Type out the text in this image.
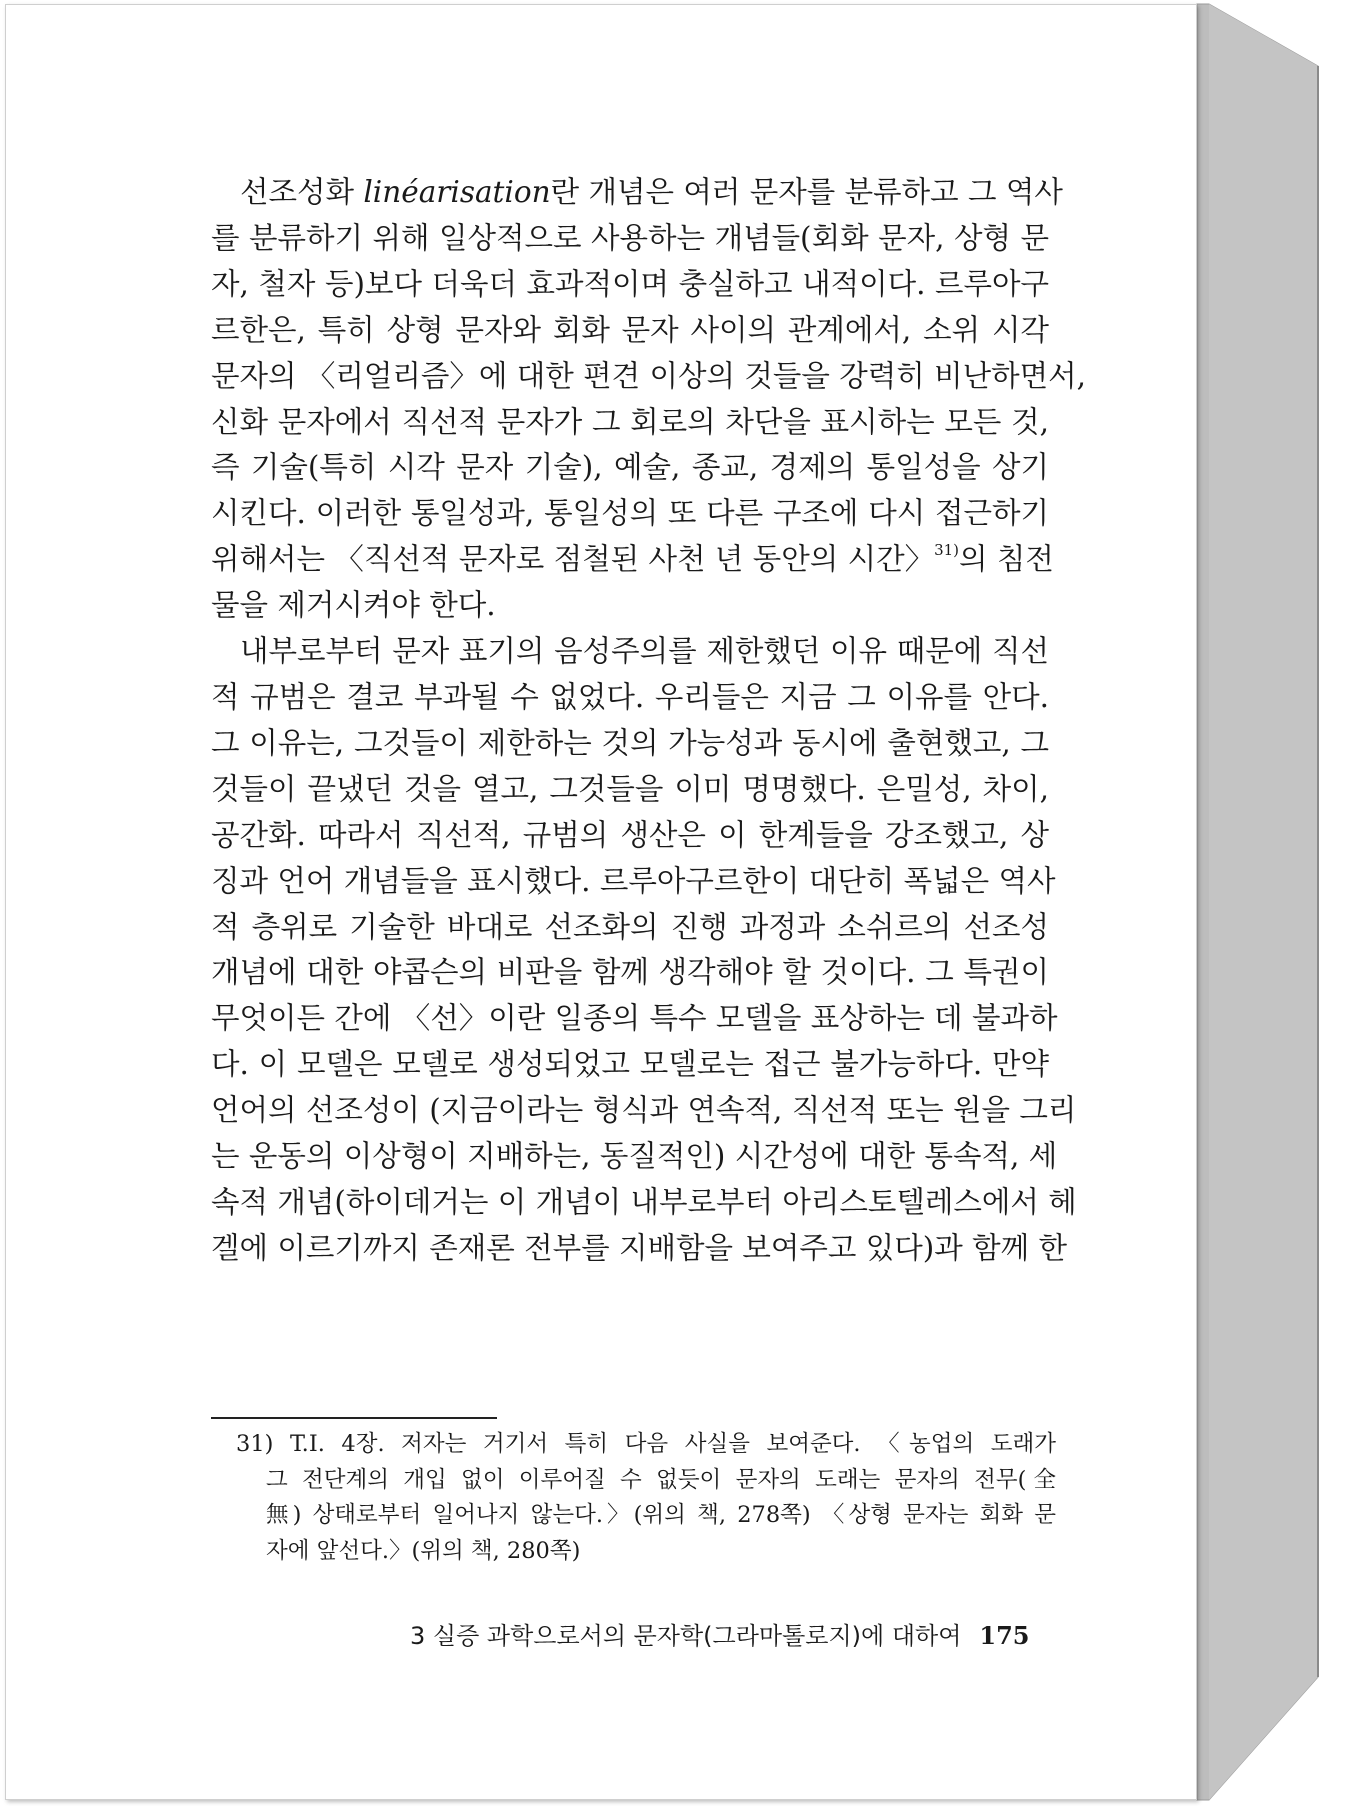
선조성화 linéarisation란 개념은 여러 문자를 분류하고 그 역사
를 분류하기 위해 일상적으로 사용하는 개념들(회화 문자, 상형 문
자, 철자 등)보다 더욱더 효과적이며 충실하고 내적이다. 르루아구
르한은, 특히 상형 문자와 회화 문자 사이의 관계에서, 소위 시각
문자의 〈리얼리즘〉에 대한 편견 이상의 것들을 강력히 비난하면서,
신화 문자에서 직선적 문자가 그 회로의 차단을 표시하는 모든 것,
즉 기술(특히 시각 문자 기술), 예술, 종교, 경제의 통일성을 상기
시킨다. 이러한 통일성과, 통일성의 또 다른 구조에 다시 접근하기
위해서는 〈직선적 문자로 점철된 사천 년 동안의 시간〉$^{31)}$의 침전
물을 제거시켜야 한다.
내부로부터 문자 표기의 음성주의를 제한했던 이유 때문에 직선
적 규범은 결코 부과될 수 없었다. 우리들은 지금 그 이유를 안다.
그 이유는, 그것들이 제한하는 것의 가능성과 동시에 출현했고, 그
것들이 끝냈던 것을 열고, 그것들을 이미 명명했다. 은밀성, 차이,
공간화. 따라서 직선적, 규범의 생산은 이 한계들을 강조했고, 상
징과 언어 개념들을 표시했다. 르루아구르한이 대단히 폭넓은 역사
적 층위로 기술한 바대로 선조화의 진행 과정과 소쉬르의 선조성
개념에 대한 야콥슨의 비판을 함께 생각해야 할 것이다. 그 특권이
무엇이든 간에 〈선〉이란 일종의 특수 모델을 표상하는 데 불과하
다. 이 모델은 모델로 생성되었고 모델로는 접근 불가능하다. 만약
언어의 선조성이 (지금이라는 형식과 연속적, 직선적 또는 원을 그리
는 운동의 이상형이 지배하는, 동질적인) 시간성에 대한 통속적, 세
속적 개념(하이데거는 이 개념이 내부로부터 아리스토텔레스에서 헤
겔에 이르기까지 존재론 전부를 지배함을 보여주고 있다)과 함께 한
31) T.I. 4장. 저자는 거기서 특히 다음 사실을 보여준다. 〈농업의 도래가
그 전단계의 개입 없이 이루어질 수 없듯이 문자의 도래는 문자의 전무(全
無) 상태로부터 일어나지 않는다.〉(위의 책, 278쪽) 〈상형 문자는 회화 문
자에 앞선다.〉(위의 책, 280쪽)
3 실증 과학으로서의 문자학(그라마톨로지)에 대하여 175
